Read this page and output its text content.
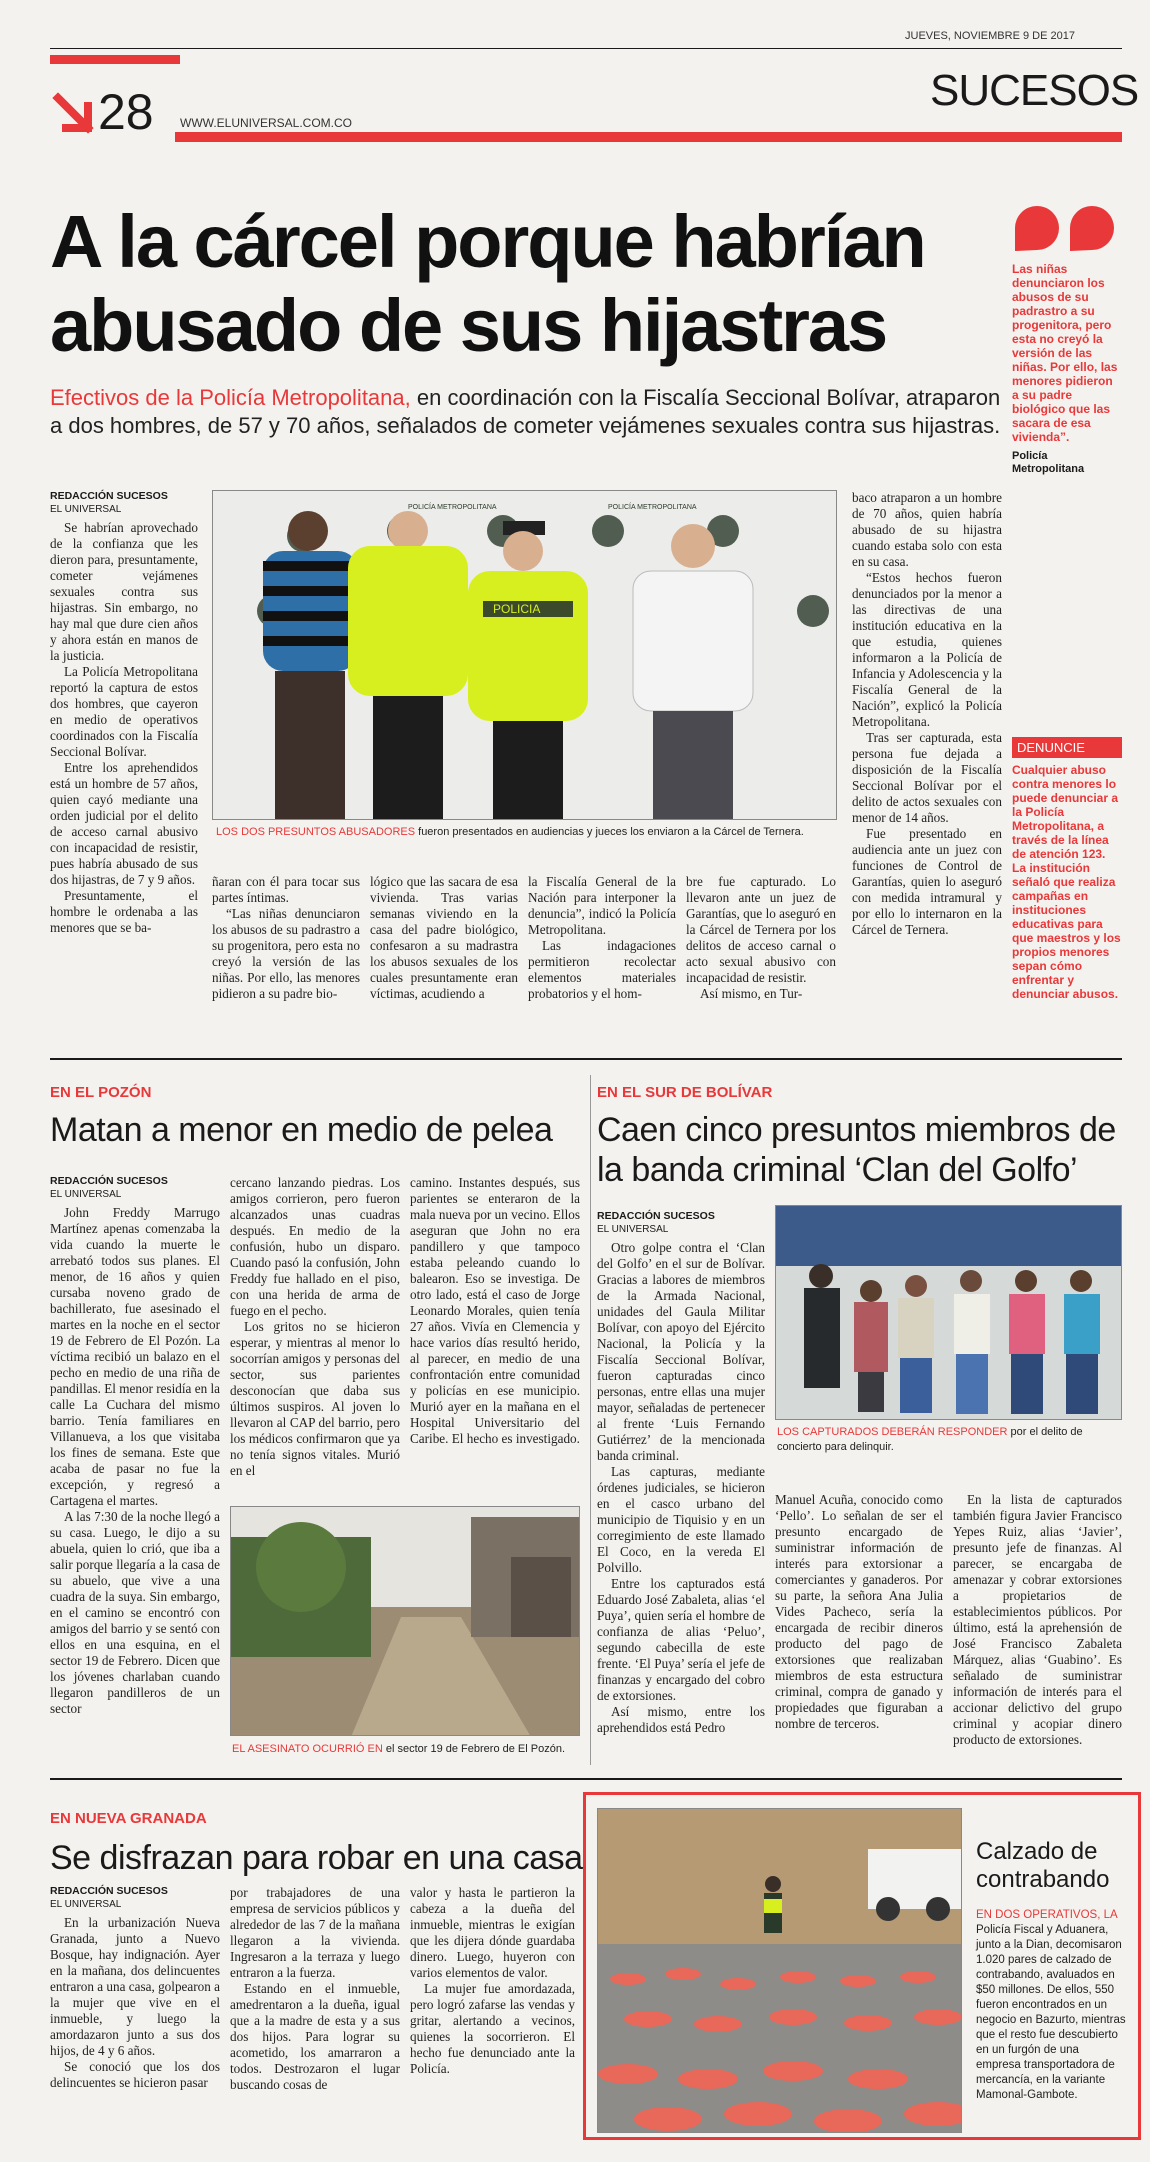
JUEVES, NOVIEMBRE 9 DE 2017
28 WWW.ELUNIVERSAL.COM.CO
SUCESOS
A la cárcel porque habrían abusado de sus hijastras
Efectivos de la Policía Metropolitana, en coordinación con la Fiscalía Seccional Bolívar, atraparon a dos hombres, de 57 y 70 años, señalados de cometer vejámenes sexuales contra sus hijastras.
Las niñas denunciaron los abusos de su padrastro a su progenitora, pero esta no creyó la versión de las niñas. Por ello, las menores pidieron a su padre biológico que las sacara de esa vivienda”.
Policía Metropolitana
DENUNCIE
Cualquier abuso contra menores lo puede denunciar a la Policía Metropolitana, a través de la línea de atención 123. La institución señaló que realiza campañas en instituciones educativas para que maestros y los propios menores sepan cómo enfrentar y denunciar abusos.
REDACCIÓN SUCESOS
EL UNIVERSAL

Se habrían aprovechado de la confianza que les dieron para, presuntamente, cometer vejámenes sexuales contra sus hijastras. Sin embargo, no hay mal que dure cien años y ahora están en manos de la justicia.

La Policía Metropolitana reportó la captura de estos dos hombres, que cayeron en medio de operativos coordinados con la Fiscalía Seccional Bolívar.

Entre los aprehendidos está un hombre de 57 años, quien cayó mediante una orden judicial por el delito de acceso carnal abusivo con incapacidad de resistir, pues habría abusado de sus dos hijastras, de 7 y 9 años.

Presuntamente, el hombre le ordenaba a las menores que se ba-

POLICÍA METROPOLITANA	POLICÍA METROPOLITANA
POLICIA
LOS DOS PRESUNTOS ABUSADORES fueron presentados en audiencias y jueces los enviaron a la Cárcel de Ternera.

ñaran con él para tocar sus partes íntimas.

“Las niñas denunciaron los abusos de su padrastro a su progenitora, pero esta no creyó la versión de las niñas. Por ello, las menores pidieron a su padre bio-

lógico que las sacara de esa vivienda. Tras varias semanas viviendo en la casa del padre biológico, confesaron a su madrastra los abusos sexuales de los cuales presuntamente eran víctimas, acudiendo a

la Fiscalía General de la Nación para interponer la denuncia”, indicó la Policía Metropolitana.

Las indagaciones permitieron recolectar elementos materiales probatorios y el hom-

bre fue capturado. Lo llevaron ante un juez de Garantías, que lo aseguró en la Cárcel de Ternera por los delitos de acceso carnal o acto sexual abusivo con incapacidad de resistir.

Así mismo, en Tur-

baco atraparon a un hombre de 70 años, quien habría abusado de su hijastra cuando estaba solo con esta en su casa.

“Estos hechos fueron denunciados por la menor a las directivas de una institución educativa en la que estudia, quienes informaron a la Policía de Infancia y Adolescencia y la Fiscalía General de la Nación”, explicó la Policía Metropolitana.

Tras ser capturada, esta persona fue dejada a disposición de la Fiscalía Seccional Bolívar por el delito de actos sexuales con menor de 14 años.

Fue presentado en audiencia ante un juez con funciones de Control de Garantías, quien lo aseguró con medida intramural y por ello lo internaron en la Cárcel de Ternera.

EN EL POZÓN
Matan a menor en medio de pelea
REDACCIÓN SUCESOS
EL UNIVERSAL

John Freddy Marrugo Martínez apenas comenzaba la vida cuando la muerte le arrebató todos sus planes. El menor, de 16 años y quien cursaba noveno grado de bachillerato, fue asesinado el martes en la noche en el sector 19 de Febrero de El Pozón. La víctima recibió un balazo en el pecho en medio de una riña de pandillas. El menor residía en la calle La Cuchara del mismo barrio. Tenía familiares en Villanueva, a los que visitaba los fines de semana. Este que acaba de pasar no fue la excepción, y regresó a Cartagena el martes.

A las 7:30 de la noche llegó a su casa. Luego, le dijo a su abuela, quien lo crió, que iba a salir porque llegaría a la casa de su abuelo, que vive a una cuadra de la suya. Sin embargo, en el camino se encontró con amigos del barrio y se sentó con ellos en una esquina, en el sector 19 de Febrero. Dicen que los jóvenes charlaban cuando llegaron pandilleros de un sector

cercano lanzando piedras. Los amigos corrieron, pero fueron alcanzados unas cuadras después. En medio de la confusión, hubo un disparo. Cuando pasó la confusión, John Freddy fue hallado en el piso, con una herida de arma de fuego en el pecho.

Los gritos no se hicieron esperar, y mientras al menor lo socorrían amigos y personas del sector, sus parientes desconocían que daba sus últimos suspiros. Al joven lo llevaron al CAP del barrio, pero los médicos confirmaron que ya no tenía signos vitales. Murió en el

camino. Instantes después, sus parientes se enteraron de la mala nueva por un vecino. Ellos aseguran que John no era pandillero y que tampoco estaba peleando cuando lo balearon. Eso se investiga. De otro lado, está el caso de Jorge Leonardo Morales, quien tenía 27 años. Vivía en Clemencia y hace varios días resultó herido, al parecer, en medio de una confrontación entre comunidad y policías en ese municipio. Murió ayer en la mañana en el Hospital Universitario del Caribe. El hecho es investigado.

EL ASESINATO OCURRIÓ EN el sector 19 de Febrero de El Pozón.
EN EL SUR DE BOLÍVAR
Caen cinco presuntos miembros de la banda criminal ‘Clan del Golfo’
REDACCIÓN SUCESOS
EL UNIVERSAL

Otro golpe contra el ‘Clan del Golfo’ en el sur de Bolívar. Gracias a labores de miembros de la Armada Nacional, unidades del Gaula Militar Bolívar, con apoyo del Ejército Nacional, la Policía y la Fiscalía Seccional Bolívar, fueron capturadas cinco personas, entre ellas una mujer mayor, señaladas de pertenecer al frente ‘Luis Fernando Gutiérrez’ de la mencionada banda criminal.

Las capturas, mediante órdenes judiciales, se hicieron en el casco urbano del municipio de Tiquisio y en un corregimiento de este llamado El Coco, en la vereda El Polvillo.

Entre los capturados está Eduardo José Zabaleta, alias ‘el Puya’, quien sería el hombre de confianza de alias ‘Peluo’, segundo cabecilla de este frente. ‘El Puya’ sería el jefe de finanzas y encargado del cobro de extorsiones.

Así mismo, entre los aprehendidos está Pedro

LOS CAPTURADOS DEBERÁN RESPONDER por el delito de concierto para delinquir.

Manuel Acuña, conocido como ‘Pello’. Lo señalan de ser el presunto encargado de suministrar información de interés para extorsionar a comerciantes y ganaderos. Por su parte, la señora Ana Julia Vides Pacheco, sería la encargada de recibir dineros producto del pago de extorsiones que realizaban miembros de esta estructura criminal, compra de ganado y propiedades que figuraban a nombre de terceros.

En la lista de capturados también figura Javier Francisco Yepes Ruiz, alias ‘Javier’, presunto jefe de finanzas. Al parecer, se encargaba de amenazar y cobrar extorsiones a propietarios de establecimientos públicos. Por último, está la aprehensión de José Francisco Zabaleta Márquez, alias ‘Guabino’. Es señalado de suministrar información de interés para el accionar delictivo del grupo criminal y acopiar dinero producto de extorsiones.

EN NUEVA GRANADA
Se disfrazan para robar en una casa
REDACCIÓN SUCESOS
EL UNIVERSAL

En la urbanización Nueva Granada, junto a Nuevo Bosque, hay indignación. Ayer en la mañana, dos delincuentes entraron a una casa, golpearon a la mujer que vive en el inmueble, y luego la amordazaron junto a sus dos hijos, de 4 y 6 años.

Se conoció que los dos delincuentes se hicieron pasar

por trabajadores de una empresa de servicios públicos y alrededor de las 7 de la mañana llegaron a la vivienda. Ingresaron a la terraza y luego entraron a la fuerza.

Estando en el inmueble, amedrentaron a la dueña, igual que a la madre de esta y a sus dos hijos. Para lograr su acometido, los amarraron a todos. Destrozaron el lugar buscando cosas de

valor y hasta le partieron la cabeza a la dueña del inmueble, mientras le exigían que les dijera dónde guardaba dinero. Luego, huyeron con varios elementos de valor.

La mujer fue amordazada, pero logró zafarse las vendas y gritar, alertando a vecinos, quienes la socorrieron. El hecho fue denunciado ante la Policía.

Calzado de contrabando
EN DOS OPERATIVOS, LA Policía Fiscal y Aduanera, junto a la Dian, decomisaron 1.020 pares de calzado de contrabando, avaluados en $50 millones. De ellos, 550 fueron encontrados en un negocio en Bazurto, mientras que el resto fue descubierto en un furgón de una empresa transportadora de mercancía, en la variante Mamonal-Gambote.
